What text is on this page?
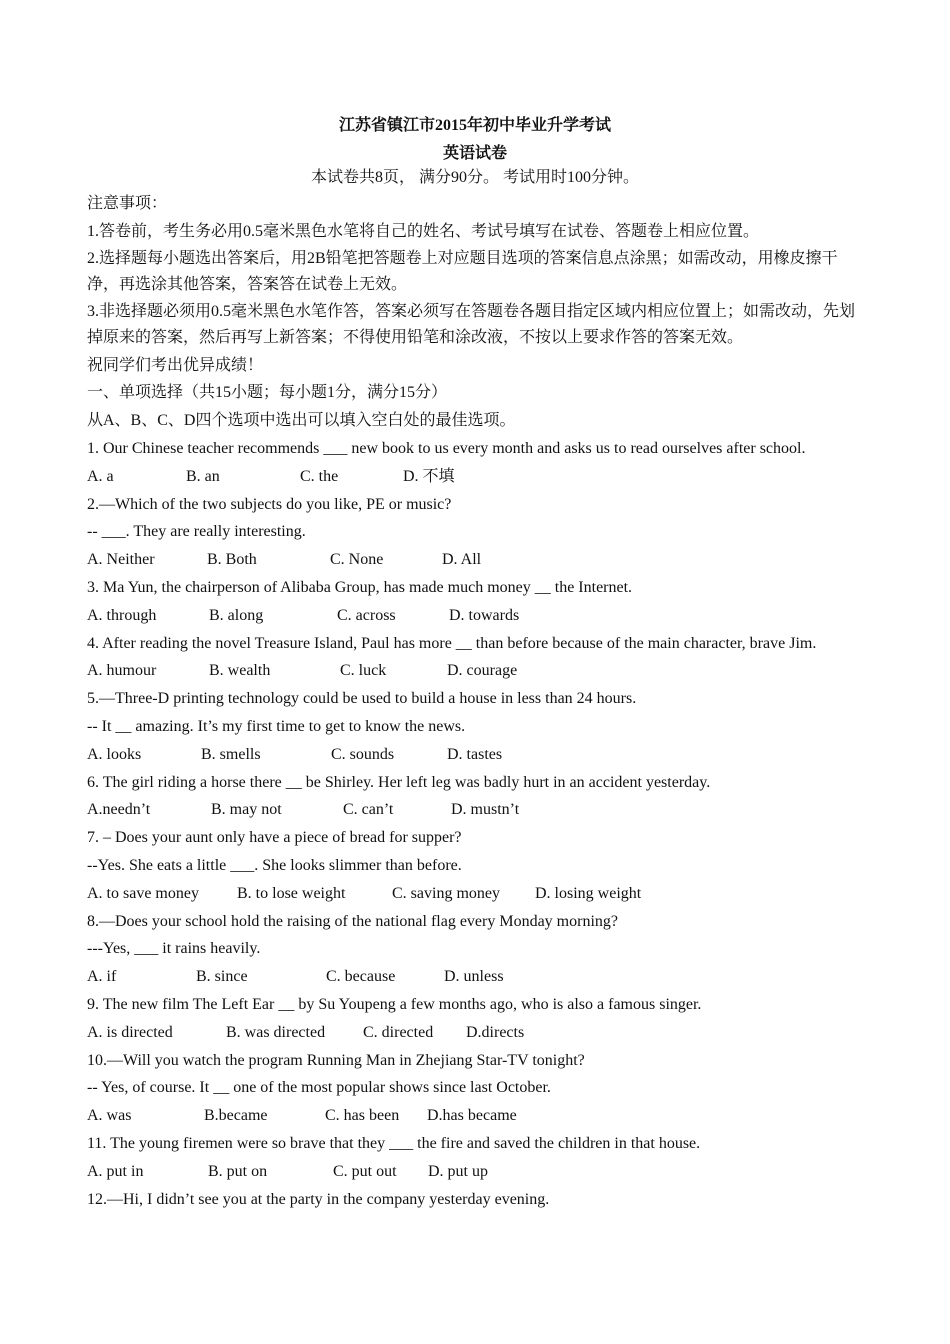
江苏省镇江市2015年初中毕业升学考试
英语试卷
本试卷共8页， 满分90分。 考试用时100分钟。
注意事项：
1.答卷前，考生务必用0.5毫米黑色水笔将自己的姓名、考试号填写在试卷、答题卷上相应位置。
2.选择题每小题选出答案后，用2B铅笔把答题卷上对应题目选项的答案信息点涂黑；如需改动，用橡皮擦干净，再选涂其他答案，答案答在试卷上无效。
3.非选择题必须用0.5毫米黑色水笔作答，答案必须写在答题卷各题目指定区域内相应位置上；如需改动，先划掉原来的答案，然后再写上新答案；不得使用铅笔和涂改液，不按以上要求作答的答案无效。
祝同学们考出优异成绩！
一、单项选择（共15小题；每小题1分，满分15分）
从A、B、C、D四个选项中选出可以填入空白处的最佳选项。
1. Our Chinese teacher recommends ___ new book to us every month and asks us to read ourselves after school.
A. a	B. an	C. the	D. 不填
2.—Which of the two subjects do you like, PE or music?
-- ___. They are really interesting.
A. Neither	B. Both	C. None	D. All
3. Ma Yun, the chairperson of Alibaba Group, has made much money __ the Internet.
A. through	B. along	C. across	D. towards
4. After reading the novel Treasure Island, Paul has more __ than before because of the main character, brave Jim.
A. humour	B. wealth	C. luck	D. courage
5.—Three-D printing technology could be used to build a house in less than 24 hours.
-- It __ amazing. It’s my first time to get to know the news.
A. looks	B. smells	C. sounds	D. tastes
6. The girl riding a horse there __ be Shirley. Her left leg was badly hurt in an accident yesterday.
A.needn’t	B. may not	C. can’t	D. mustn’t
7. – Does your aunt only have a piece of bread for supper?
--Yes. She eats a little ___. She looks slimmer than before.
A. to save money B. to lose weight	C. saving money D. losing weight
8.—Does your school hold the raising of the national flag every Monday morning?
---Yes, ___ it rains heavily.
A. if	B. since	C. because	D. unless
9. The new film The Left Ear __ by Su Youpeng a few months ago, who is also a famous singer.
A. is directed	B. was directed C. directed D.directs
10.—Will you watch the program Running Man in Zhejiang Star-TV tonight?
-- Yes, of course. It __ one of the most popular shows since last October.
A. was	B.became	C. has been D.has became
11. The young firemen were so brave that they ___ the fire and saved the children in that house.
A. put in	B. put on	C. put out D. put up
12.—Hi, I didn’t see you at the party in the company yesterday evening.
